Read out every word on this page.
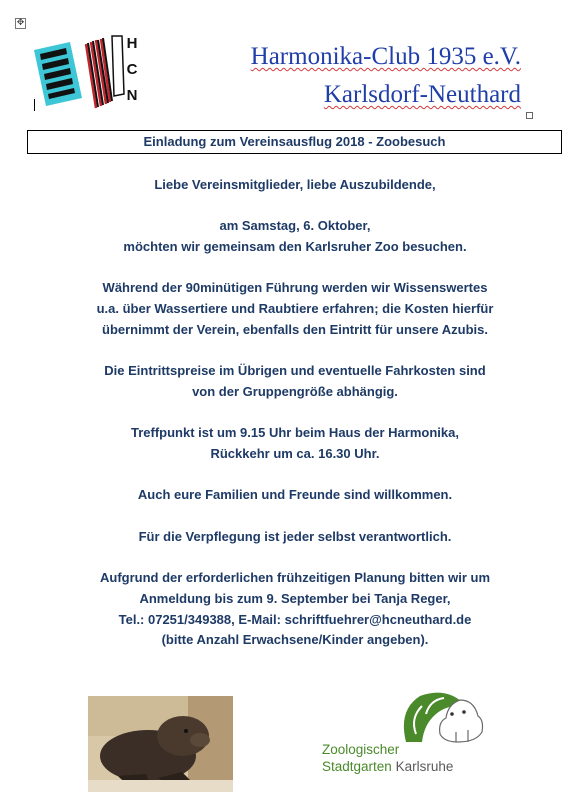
✥
H
C
N
Harmonika-Club 1935 e.V.
Karlsdorf-Neuthard
Einladung zum Vereinsausflug 2018 - Zoobesuch

Liebe Vereinsmitglieder, liebe Auszubildende,

am Samstag, 6. Oktober,
möchten wir gemeinsam den Karlsruher Zoo besuchen.

Während der 90minütigen Führung werden wir Wissenswertes
u.a. über Wassertiere und Raubtiere erfahren; die Kosten hierfür
übernimmt der Verein, ebenfalls den Eintritt für unsere Azubis.

Die Eintrittspreise im Übrigen und eventuelle Fahrkosten sind
von der Gruppengröße abhängig.

Treffpunkt ist um 9.15 Uhr beim Haus der Harmonika,
Rückkehr um ca. 16.30 Uhr.

Auch eure Familien und Freunde sind willkommen.

Für die Verpflegung ist jeder selbst verantwortlich.

Aufgrund der erforderlichen frühzeitigen Planung bitten wir um
Anmeldung bis zum 9. September bei Tanja Reger,
Tel.: 07251/349388, E-Mail: schriftfuehrer@hcneuthard.de
(bitte Anzahl Erwachsene/Kinder angeben).

Zoologischer
Stadtgarten Karlsruhe
